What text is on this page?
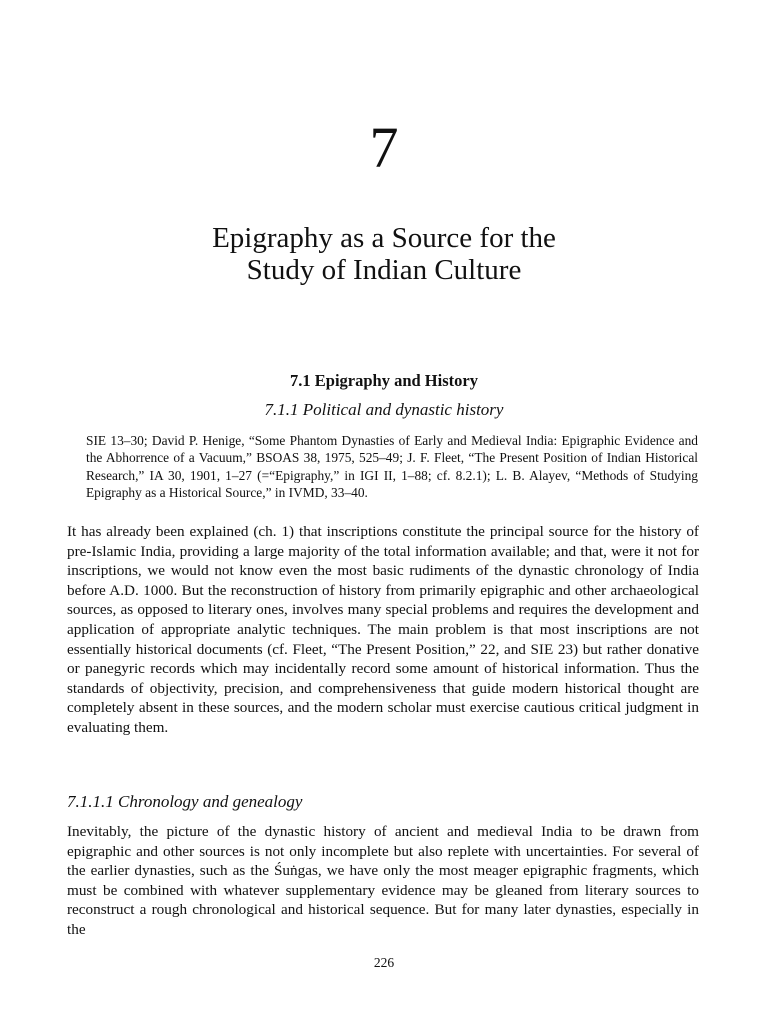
7
Epigraphy as a Source for the
Study of Indian Culture
7.1 Epigraphy and History
7.1.1 Political and dynastic history
SIE 13–30; David P. Henige, “Some Phantom Dynasties of Early and Medieval India: Epigraphic Evidence and the Abhorrence of a Vacuum,” BSOAS 38, 1975, 525–49; J. F. Fleet, “The Present Position of Indian Historical Research,” IA 30, 1901, 1–27 (=“Epigraphy,” in IGI II, 1–88; cf. 8.2.1); L. B. Alayev, “Methods of Studying Epigraphy as a Historical Source,” in IVMD, 33–40.
It has already been explained (ch. 1) that inscriptions constitute the principal source for the history of pre-Islamic India, providing a large majority of the total information available; and that, were it not for inscriptions, we would not know even the most basic rudiments of the dynastic chronology of India before A.D. 1000. But the reconstruction of history from primarily epigraphic and other archaeological sources, as opposed to literary ones, involves many special problems and requires the development and application of appropriate analytic techniques. The main problem is that most inscriptions are not essentially historical documents (cf. Fleet, “The Present Position,” 22, and SIE 23) but rather donative or panegyric records which may incidentally record some amount of historical information. Thus the standards of objectivity, precision, and comprehensiveness that guide modern historical thought are completely absent in these sources, and the modern scholar must exercise cautious critical judgment in evaluating them.
7.1.1.1 Chronology and genealogy
Inevitably, the picture of the dynastic history of ancient and medieval India to be drawn from epigraphic and other sources is not only incomplete but also replete with uncertainties. For several of the earlier dynasties, such as the Śuṅgas, we have only the most meager epigraphic fragments, which must be combined with whatever supplementary evidence may be gleaned from literary sources to reconstruct a rough chronological and historical sequence. But for many later dynasties, especially in the
226
